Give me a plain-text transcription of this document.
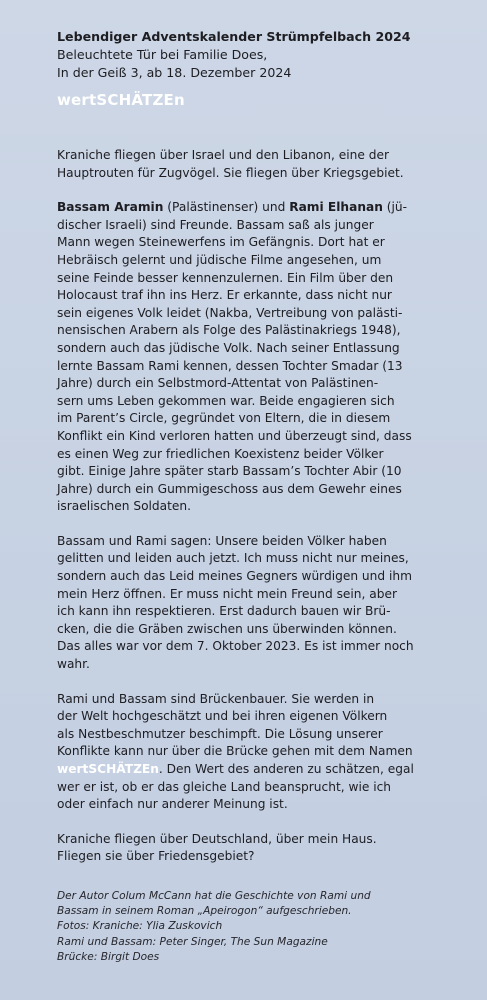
Lebendiger Adventskalender Strümpfelbach 2024
Beleuchtete Tür bei Familie Does,
In der Geiß 3, ab 18. Dezember 2024
wertSCHÄTZEn
Kraniche fliegen über Israel und den Libanon, eine der
Hauptrouten für Zugvögel. Sie fliegen über Kriegsgebiet.
Bassam Aramin (Palästinenser) und Rami Elhanan (jü-
discher Israeli) sind Freunde. Bassam saß als junger
Mann wegen Steinewerfens im Gefängnis. Dort hat er
Hebräisch gelernt und jüdische Filme angesehen, um
seine Feinde besser kennenzulernen. Ein Film über den
Holocaust traf ihn ins Herz. Er erkannte, dass nicht nur
sein eigenes Volk leidet (Nakba, Vertreibung von palästi-
nensischen Arabern als Folge des Palästinakriegs 1948),
sondern auch das jüdische Volk. Nach seiner Entlassung
lernte Bassam Rami kennen, dessen Tochter Smadar (13
Jahre) durch ein Selbstmord-Attentat von Palästinen-
sern ums Leben gekommen war. Beide engagieren sich
im Parent’s Circle, gegründet von Eltern, die in diesem
Konflikt ein Kind verloren hatten und überzeugt sind, dass
es einen Weg zur friedlichen Koexistenz beider Völker
gibt. Einige Jahre später starb Bassam’s Tochter Abir (10
Jahre) durch ein Gummigeschoss aus dem Gewehr eines
israelischen Soldaten.
Bassam und Rami sagen: Unsere beiden Völker haben
gelitten und leiden auch jetzt. Ich muss nicht nur meines,
sondern auch das Leid meines Gegners würdigen und ihm
mein Herz öffnen. Er muss nicht mein Freund sein, aber
ich kann ihn respektieren. Erst dadurch bauen wir Brü-
cken, die die Gräben zwischen uns überwinden können.
Das alles war vor dem 7. Oktober 2023. Es ist immer noch
wahr.
Rami und Bassam sind Brückenbauer. Sie werden in
der Welt hochgeschätzt und bei ihren eigenen Völkern
als Nestbeschmutzer beschimpft. Die Lösung unserer
Konflikte kann nur über die Brücke gehen mit dem Namen
wertSCHÄTZEn. Den Wert des anderen zu schätzen, egal
wer er ist, ob er das gleiche Land beansprucht, wie ich
oder einfach nur anderer Meinung ist.
Kraniche fliegen über Deutschland, über mein Haus.
Fliegen sie über Friedensgebiet?
Der Autor Colum McCann hat die Geschichte von Rami und
Bassam in seinem Roman „Apeirogon“ aufgeschrieben.
Fotos: Kraniche: Ylia Zuskovich
Rami und Bassam: Peter Singer, The Sun Magazine
Brücke: Birgit Does
